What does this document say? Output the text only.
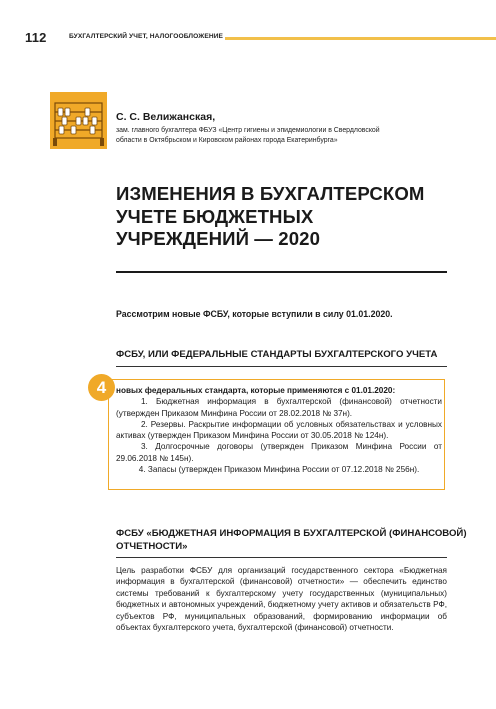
112	БУХГАЛТЕРСКИЙ УЧЕТ, НАЛОГООБЛОЖЕНИЕ
С. С. Велижанская,
зам. главного бухгалтера ФБУЗ «Центр гигиены и эпидемиологии в Свердловской области в Октябрьском и Кировском районах города Екатеринбурга»
ИЗМЕНЕНИЯ В БУХГАЛТЕРСКОМ УЧЕТЕ БЮДЖЕТНЫХ УЧРЕЖДЕНИЙ — 2020

Рассмотрим новые ФСБУ, которые вступили в силу 01.01.2020.

ФСБУ, ИЛИ ФЕДЕРАЛЬНЫЕ СТАНДАРТЫ БУХГАЛТЕРСКОГО УЧЕТА
4	новых федеральных стандарта, которые применяются с 01.01.2020:

1. Бюджетная информация в бухгалтерской (финансовой) отчетности (утвержден Приказом Минфина России от 28.02.2018 № 37н).

2. Резервы. Раскрытие информации об условных обязательствах и условных активах (утвержден Приказом Минфина России от 30.05.2018 № 124н).

3. Долгосрочные договоры (утвержден Приказом Минфина России от 29.06.2018 № 145н).

4. Запасы (утвержден Приказом Минфина России от 07.12.2018 № 256н).

ФСБУ «БЮДЖЕТНАЯ ИНФОРМАЦИЯ В БУХГАЛТЕРСКОЙ (ФИНАНСОВОЙ) ОТЧЕТНОСТИ»

Цель разработки ФСБУ для организаций государственного сектора «Бюджетная информация в бухгалтерской (финансовой) отчетности» — обеспечить единство системы требований к бухгалтерскому учету государственных (муниципальных) бюджетных и автономных учреждений, бюджетному учету активов и обязательств РФ, субъектов РФ, муниципальных образований, формированию информации об объектах бухгалтерского учета, бухгалтерской (финансовой) отчетности.
